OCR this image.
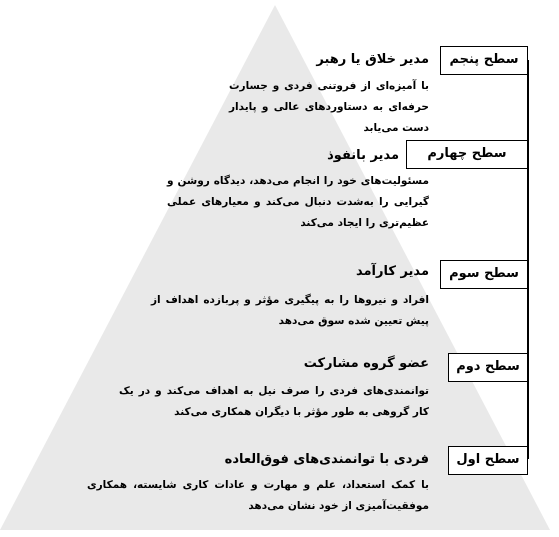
سطح پنجم
مدیر خلاق یا رهبر
با آمیزه‌ای از فروتنی فردی و جسارت حرفه‌ای به دستاوردهای عالی و پایدار دست می‌یابد
سطح چهارم
مدیر بانفوذ
مسئولیت‌های خود را انجام می‌دهد، دیدگاه روشن و گیرایی را به‌شدت دنبال می‌کند و معیارهای عملی عظیم‌تری را ایجاد می‌کند
سطح سوم
مدیر کارآمد
افراد و نیروها را به پیگیری مؤثر و پربازده اهداف از پیش تعیین شده سوق می‌دهد
سطح دوم
عضو گروه مشارکت
توانمندی‌های فردی را صرف نیل به اهداف می‌کند و در یک کار گروهی به طور مؤثر با دیگران همکاری می‌کند
سطح اول
فردی با توانمندی‌های فوق‌العاده
با کمک استعداد، علم و مهارت و عادات کاری شایسته، همکاری موفقیت‌آمیزی از خود نشان می‌دهد
